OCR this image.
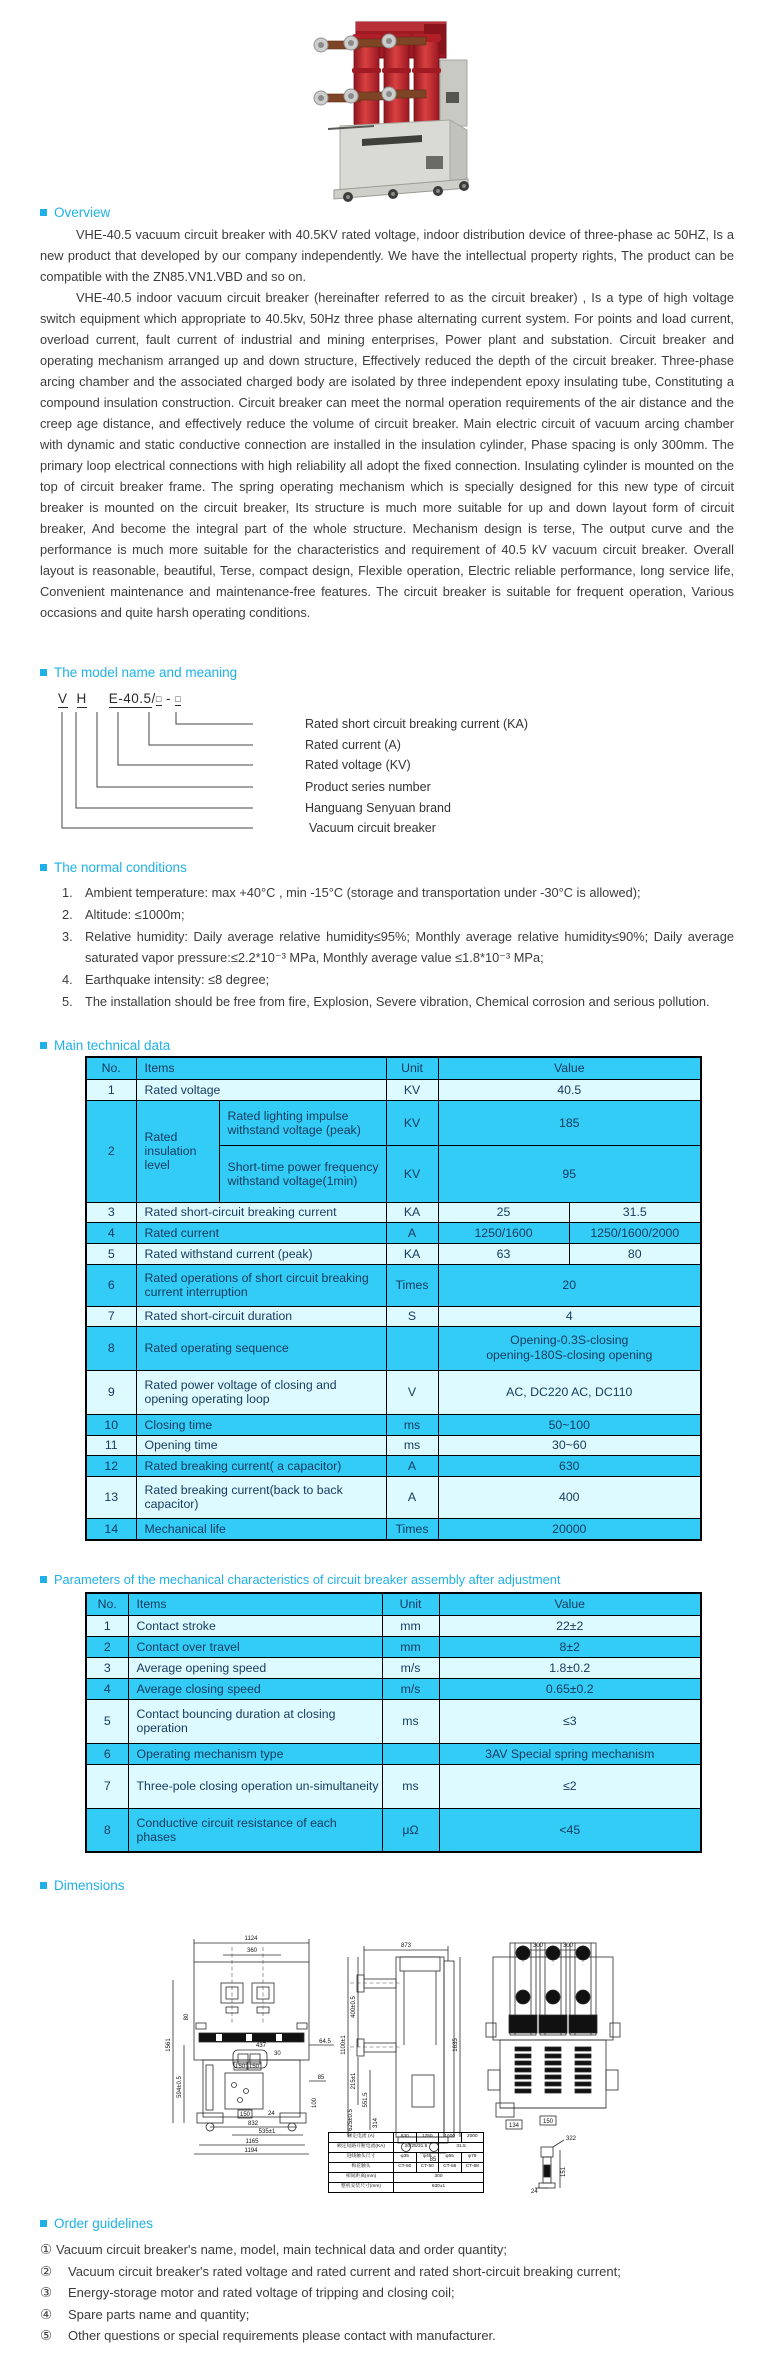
Overview

VHE-40.5 vacuum circuit breaker with 40.5KV rated voltage, indoor distribution device of three-phase ac 50HZ, Is a new product that developed by our company independently. We have the intellectual property rights, The product can be compatible with the ZN85.VN1.VBD and so on.

VHE-40.5 indoor vacuum circuit breaker (hereinafter referred to as the circuit breaker) , Is a type of high voltage switch equipment which appropriate to 40.5kv, 50Hz three phase alternating current system. For points and load current, overload current, fault current of industrial and mining enterprises, Power plant and substation. Circuit breaker and operating mechanism arranged up and down structure, Effectively reduced the depth of the circuit breaker. Three-phase arcing chamber and the associated charged body are isolated by three independent epoxy insulating tube, Constituting a compound insulation construction. Circuit breaker can meet the normal operation requirements of the air distance and the creep age distance, and effectively reduce the volume of circuit breaker. Main electric circuit of vacuum arcing chamber with dynamic and static conductive connection are installed in the insulation cylinder, Phase spacing is only 300mm. The primary loop electrical connections with high reliability all adopt the fixed connection. Insulating cylinder is mounted on the top of circuit breaker frame. The spring operating mechanism which is specially designed for this new type of circuit breaker is mounted on the circuit breaker, Its structure is much more suitable for up and down layout form of circuit breaker, And become the integral part of the whole structure. Mechanism design is terse, The output curve and the performance is much more suitable for the characteristics and requirement of 40.5 kV vacuum circuit breaker. Overall layout is reasonable, beautiful, Terse, compact design, Flexible operation, Electric reliable performance, long service life, Convenient maintenance and maintenance-free features. The circuit breaker is suitable for frequent operation, Various occasions and quite harsh operating conditions.

The model name and meaning
V H E-40.5/□ - □
Rated short circuit breaking current (KA)
Rated current (A)
Rated voltage (KV)
Product series number
Hanguang Senyuan brand
Vacuum circuit breaker
The normal conditions
1. Ambient temperature: max +40°C , min -15°C (storage and transportation under -30°C is allowed);
2. Altitude: ≤1000m;
3. Relative humidity: Daily average relative humidity≤95%; Monthly average relative humidity≤90%; Daily average saturated vapor pressure:≤2.2*10⁻³ MPa, Monthly average value ≤1.8*10⁻³ MPa;
4. Earthquake intensity: ≤8 degree;
5. The installation should be free from fire, Explosion, Severe vibration, Chemical corrosion and serious pollution.
Main technical data
No.	Items		Unit	Value	
1	Rated voltage		KV	40.5	
2	Rated insulation level	Rated lighting impulse withstand voltage (peak)	KV	185	
		Short-time power frequency withstand voltage(1min)	KV	95	
3	Rated short-circuit breaking current		KA	25	31.5
4	Rated current		A	1250/1600	1250/1600/2000
5	Rated withstand current (peak)		KA	63	80
6	Rated operations of short circuit breaking current interruption		Times	20	
7	Rated short-circuit duration		S	4	
8	Rated operating sequence			Opening-0.3S-closing
opening-180S-closing opening	

9	Rated power voltage of closing and opening operating loop		V	AC, DC220 AC, DC110	
10	Closing time		ms	50~100	
11	Opening time		ms	30~60	
12	Rated breaking current( a capacitor)		A	630	
13	Rated breaking current(back to back capacitor)		A	400	
14	Mechanical life		Times	20000	
Parameters of the mechanical characteristics of circuit breaker assembly after adjustment
No.	Items	Unit	Value
1	Contact stroke	mm	22±2
2	Contact over travel	mm	8±2
3	Average opening speed	m/s	1.8±0.2
4	Average closing speed	m/s	0.65±0.2
5	Contact bouncing duration at closing operation	ms	≤3
6	Operating mechanism type		3AV Special spring mechanism
7	Three-pole closing operation un-simultaneity	ms	≤2
8	Conductive circuit resistance of each phases	μΩ	<45
Dimensions
1124
360
150 150
437
30
24
150
1561
594±0.5
80
64.5
85
100
832
535±1
1165
1194
873
400±0.5
215±1
1100±1
625±0.5
551.5
314
1635
85
300	300
134
150
322
151
24
额定电流 (A)	630	1250	1600	2000
额定短路开断电流(KA)	20/25/31.5		31.5	
进线触头尺寸	φ35	φ49	φ55	φ79
梅花触头	CT-50	CT-50	CT-56	CT-68
相间距离(mm)	300			
整机安装尺寸(mm)	630±1			
Order guidelines
① Vacuum circuit breaker's name, model, main technical data and order quantity;
② Vacuum circuit breaker's rated voltage and rated current and rated short-circuit breaking current;
③ Energy-storage motor and rated voltage of tripping and closing coil;
④ Spare parts name and quantity;
⑤ Other questions or special requirements please contact with manufacturer.
